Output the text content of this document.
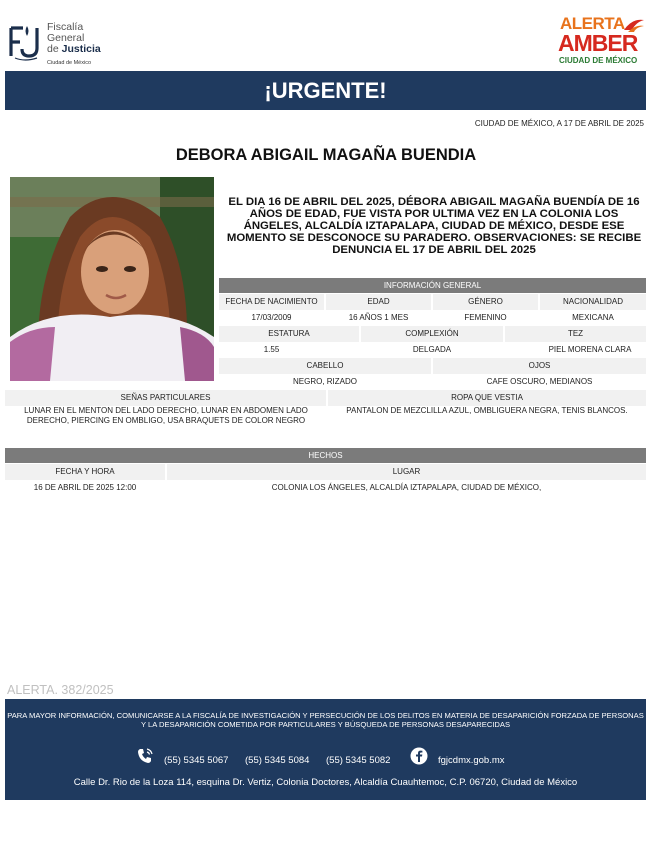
Fiscalía
General
de Justicia
Ciudad de México
ALERTA
AMBER
CIUDAD DE MÉXICO
¡URGENTE!
CIUDAD DE MÉXICO, A 17 DE ABRIL DE 2025
DEBORA ABIGAIL MAGAÑA BUENDIA
EL DIA 16 DE ABRIL DEL 2025, DÉBORA ABIGAIL MAGAÑA BUENDÍA DE 16 AÑOS DE EDAD, FUE VISTA POR ULTIMA VEZ EN LA COLONIA LOS ÁNGELES, ALCALDÍA IZTAPALAPA, CIUDAD DE MÉXICO, DESDE ESE MOMENTO SE DESCONOCE SU PARADERO. OBSERVACIONES: SE RECIBE DENUNCIA EL 17 DE ABRIL DEL 2025
INFORMACIÓN GENERAL
FECHA DE NACIMIENTO	EDAD	GÉNERO	NACIONALIDAD
17/03/2009	16 AÑOS 1 MES	FEMENINO	MEXICANA
ESTATURA	COMPLEXIÓN	TEZ
1.55	DELGADA	PIEL MORENA CLARA
CABELLO	OJOS
NEGRO, RIZADO	CAFE OSCURO, MEDIANOS
SEÑAS PARTICULARES	ROPA QUE VESTIA
LUNAR EN EL MENTON DEL LADO DERECHO, LUNAR EN ABDOMEN LADO DERECHO, PIERCING EN OMBLIGO, USA BRAQUETS DE COLOR NEGRO
PANTALON DE MEZCLILLA AZUL, OMBLIGUERA NEGRA, TENIS BLANCOS.
HECHOS
FECHA Y HORA	LUGAR
16 DE ABRIL DE 2025 12:00	COLONIA LOS ÁNGELES, ALCALDÍA IZTAPALAPA, CIUDAD DE MÉXICO,
ALERTA. 382/2025
PARA MAYOR INFORMACIÓN, COMUNICARSE A LA FISCALÍA DE INVESTIGACIÓN Y PERSECUCIÓN DE LOS DELITOS EN MATERIA DE DESAPARICIÓN FORZADA DE PERSONAS Y LA DESAPARICIÓN COMETIDA POR PARTICULARES Y BÚSQUEDA DE PERSONAS DESAPARECIDAS
(55) 5345 5067 (55) 5345 5084 (55) 5345 5082	fgjcdmx.gob.mx
Calle Dr. Rio de la Loza 114, esquina Dr. Vertiz, Colonia Doctores, Alcaldía Cuauhtemoc, C.P. 06720, Ciudad de México
